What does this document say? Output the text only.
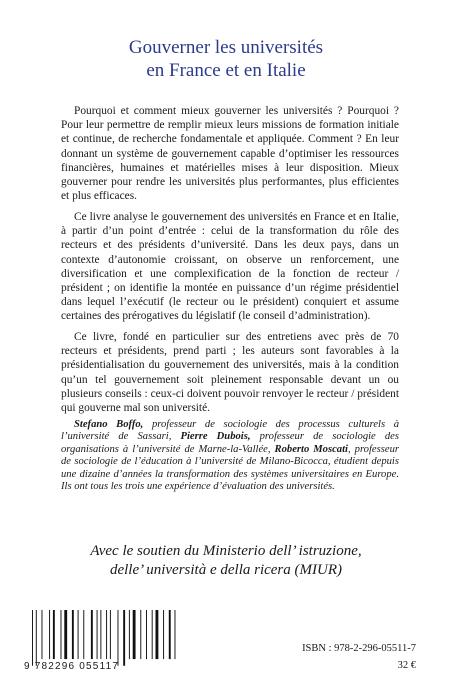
Gouverner les universités
en France et en Italie

Pourquoi et comment mieux gouverner les universités ? Pourquoi ? Pour leur permettre de remplir mieux leurs missions de formation initiale et continue, de recherche fondamentale et appliquée. Comment ? En leur donnant un système de gouvernement capable d’optimiser les ressources financières, humaines et matérielles mises à leur disposition. Mieux gouverner pour rendre les universités plus performantes, plus efficientes et plus efficaces.

Ce livre analyse le gouvernement des universités en France et en Italie, à partir d’un point d’entrée : celui de la transformation du rôle des recteurs et des présidents d’université. Dans les deux pays, dans un contexte d’autonomie croissant, on observe un renforcement, une diversification et une complexification de la fonction de recteur / président ; on identifie la montée en puissance d’un régime présidentiel dans lequel l’exécutif (le recteur ou le président) conquiert et assume certaines des prérogatives du législatif (le conseil d’administration).

Ce livre, fondé en particulier sur des entretiens avec près de 70 recteurs et présidents, prend parti ; les auteurs sont favorables à la présidentialisation du gouvernement des universités, mais à la condition qu’un tel gouvernement soit pleinement responsable devant un ou plusieurs conseils : ceux-ci doivent pouvoir renvoyer le recteur / président qui gouverne mal son université.

Stefano Boffo, professeur de sociologie des processus culturels à l’université de Sassari, Pierre Dubois, professeur de sociologie des organisations à l’université de Marne-la-Vallée, Roberto Moscati, professeur de sociologie de l’éducation à l’université de Milano-Bicocca, étudient depuis une dizaine d’années la transformation des systèmes universitaires en Europe. Ils ont tous les trois une expérience d’évaluation des universités.

Avec le soutien du Ministerio dell’ istruzione,
delle’ università e della ricera (MIUR)
9 782296 055117
ISBN : 978-2-296-05511-7
32 €
